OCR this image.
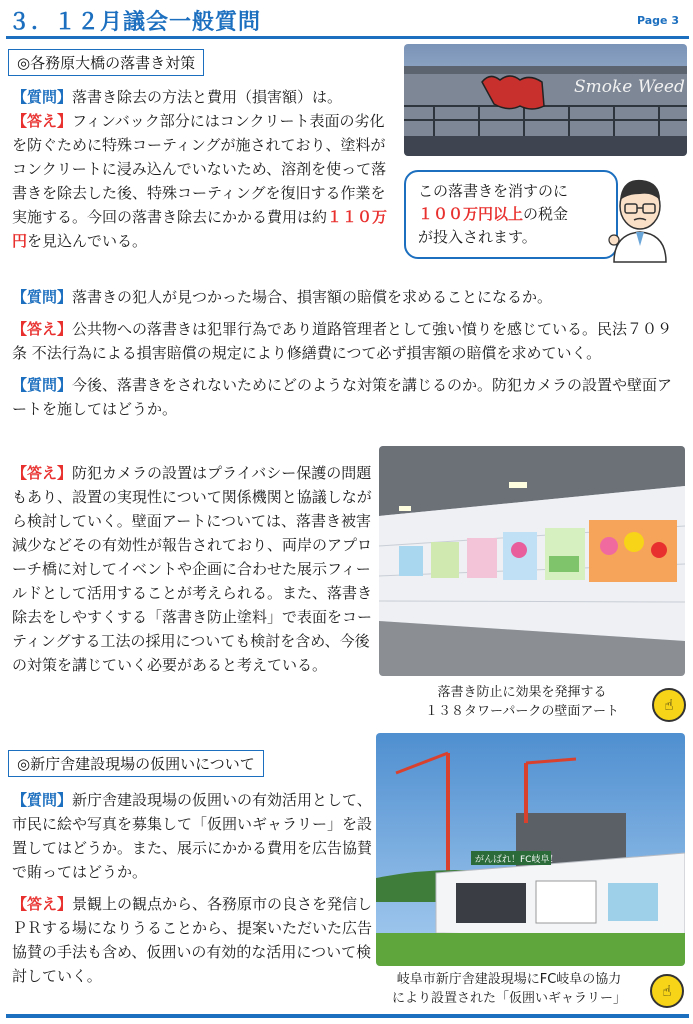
３．１２月議会一般質問	Page 3
◎各務原大橋の落書き対策
Smoke Weed

【質問】落書き除去の方法と費用（損害額）は。

【答え】フィンバック部分にはコンクリート表面の劣化を防ぐために特殊コーティングが施されており、塗料がコンクリートに浸み込んでいないため、溶剤を使って落書きを除去した後、特殊コーティングを復旧する作業を実施する。今回の落書き除去にかかる費用は約１１０万円を見込んでいる。

この落書きを消すのに
１００万円以上の税金
が投入されます。

【質問】落書きの犯人が見つかった場合、損害額の賠償を求めることになるか。

【答え】公共物への落書きは犯罪行為であり道路管理者として強い憤りを感じている。民法７０９条 不法行為による損害賠償の規定により修繕費につて必ず損害額の賠償を求めていく。

【質問】今後、落書きをされないためにどのような対策を講じるのか。防犯カメラの設置や壁面アートを施してはどうか。

【答え】防犯カメラの設置はプライバシー保護の問題もあり、設置の実現性について関係機関と協議しながら検討していく。壁面アートについては、落書き被害減少などその有効性が報告されており、両岸のアプローチ橋に対してイベントや企画に合わせた展示フィールドとして活用することが考えられる。また、落書き除去をしやすくする「落書き防止塗料」で表面をコーティングする工法の採用についても検討を含め、今後の対策を講じていく必要があると考えている。

落書き防止に効果を発揮する
１３８タワーパークの壁面アート	☝
◎新庁舎建設現場の仮囲いについて

【質問】新庁舎建設現場の仮囲いの有効活用として、市民に絵や写真を募集して「仮囲いギャラリー」を設置してはどうか。また、展示にかかる費用を広告協賛で賄ってはどうか。

【答え】景観上の観点から、各務原市の良さを発信しＰＲする場になりうることから、提案いただいた広告協賛の手法も含め、仮囲いの有効的な活用について検討していく。

がんばれ！FC岐阜！
岐阜市新庁舎建設現場にFC岐阜の協力
により設置された「仮囲いギャラリー」	☝
